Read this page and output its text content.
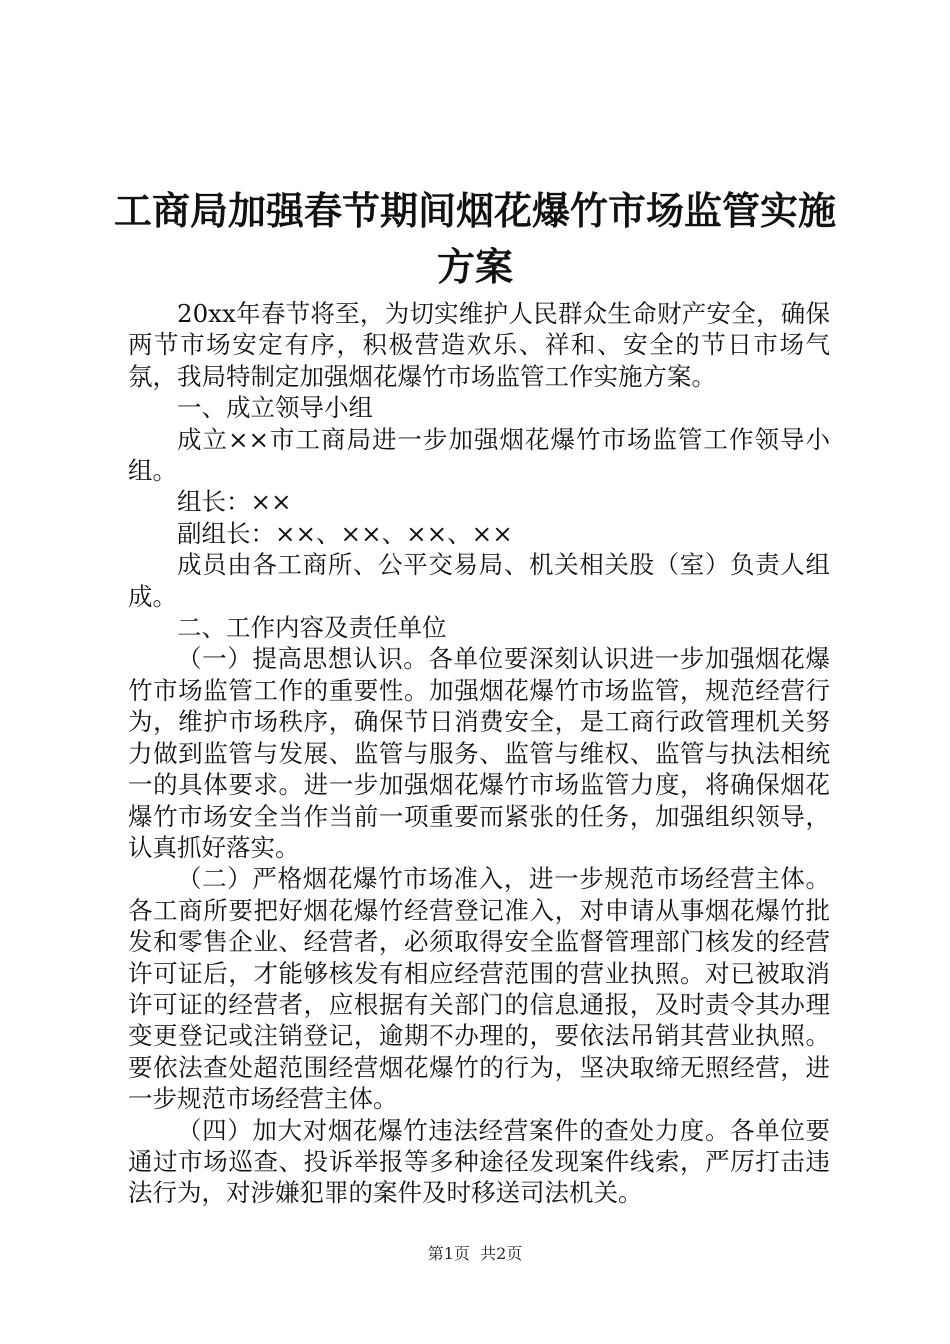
工商局加强春节期间烟花爆竹市场监管实施方案

20xx年春节将至，为切实维护人民群众生命财产安全，确保两节市场安定有序，积极营造欢乐、祥和、安全的节日市场气氛，我局特制定加强烟花爆竹市场监管工作实施方案。

一、成立领导小组

成立××市工商局进一步加强烟花爆竹市场监管工作领导小组。

组长：××

副组长：××、××、××、××

成员由各工商所、公平交易局、机关相关股（室）负责人组成。

二、工作内容及责任单位

（一）提高思想认识。各单位要深刻认识进一步加强烟花爆竹市场监管工作的重要性。加强烟花爆竹市场监管，规范经营行为，维护市场秩序，确保节日消费安全，是工商行政管理机关努力做到监管与发展、监管与服务、监管与维权、监管与执法相统一的具体要求。进一步加强烟花爆竹市场监管力度，将确保烟花爆竹市场安全当作当前一项重要而紧张的任务，加强组织领导，认真抓好落实。

（二）严格烟花爆竹市场准入，进一步规范市场经营主体。各工商所要把好烟花爆竹经营登记准入，对申请从事烟花爆竹批发和零售企业、经营者，必须取得安全监督管理部门核发的经营许可证后，才能够核发有相应经营范围的营业执照。对已被取消许可证的经营者，应根据有关部门的信息通报，及时责令其办理变更登记或注销登记，逾期不办理的，要依法吊销其营业执照。要依法查处超范围经营烟花爆竹的行为，坚决取缔无照经营，进一步规范市场经营主体。

（四）加大对烟花爆竹违法经营案件的查处力度。各单位要通过市场巡查、投诉举报等多种途径发现案件线索，严厉打击违法行为，对涉嫌犯罪的案件及时移送司法机关。

第1页 共2页
